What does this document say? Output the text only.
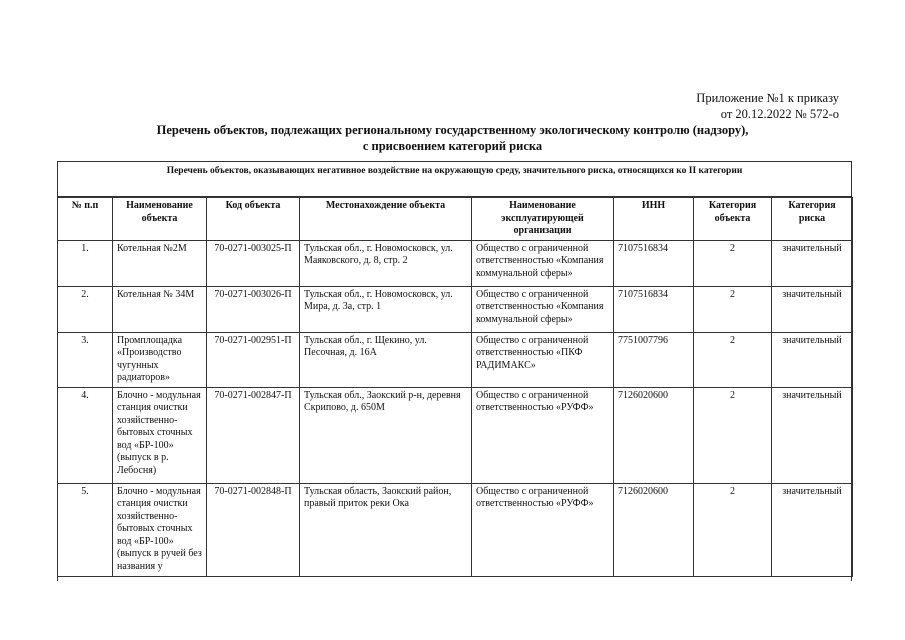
Приложение №1 к приказу
от 20.12.2022 № 572-о
Перечень объектов, подлежащих региональному государственному экологическому контролю (надзору),
с присвоением категорий риска
Перечень объектов, оказывающих негативное воздействие на окружающую среду, значительного риска, относящихся ко II категории
№ п.п	Наименование объекта	Код объекта	Местонахождение объекта	Наименование эксплуатирующей организации	ИНН	Категория объекта	Категория риска
1.	Котельная №2М	70-0271-003025-П	Тульская обл., г. Новомосковск, ул. Маяковского, д. 8, стр. 2	Общество с ограниченной ответственностью «Компания коммунальной сферы»	7107516834	2	значительный
2.	Котельная № 34М	70-0271-003026-П	Тульская обл., г. Новомосковск, ул. Мира, д. 3а, стр. 1	Общество с ограниченной ответственностью «Компания коммунальной сферы»	7107516834	2	значительный
3.	Промплощадка «Производство чугунных радиаторов»	70-0271-002951-П	Тульская обл., г. Щекино, ул. Песочная, д. 16А	Общество с ограниченной ответственностью «ПКФ РАДИМАКС»	7751007796	2	значительный
4.	Блочно - модульная станция очистки хозяйственно-бытовых сточных вод «БР-100» (выпуск в р. Лебосня)	70-0271-002847-П	Тульская обл., Заокский р-н, деревня Скрипово, д. 650М	Общество с ограниченной ответственностью «РУФФ»	7126020600	2	значительный
5.	Блочно - модульная станция очистки хозяйственно-бытовых сточных вод «БР-100» (выпуск в ручей без названия у	70-0271-002848-П	Тульская область, Заокский район, правый приток реки Ока	Общество с ограниченной ответственностью «РУФФ»	7126020600	2	значительный
